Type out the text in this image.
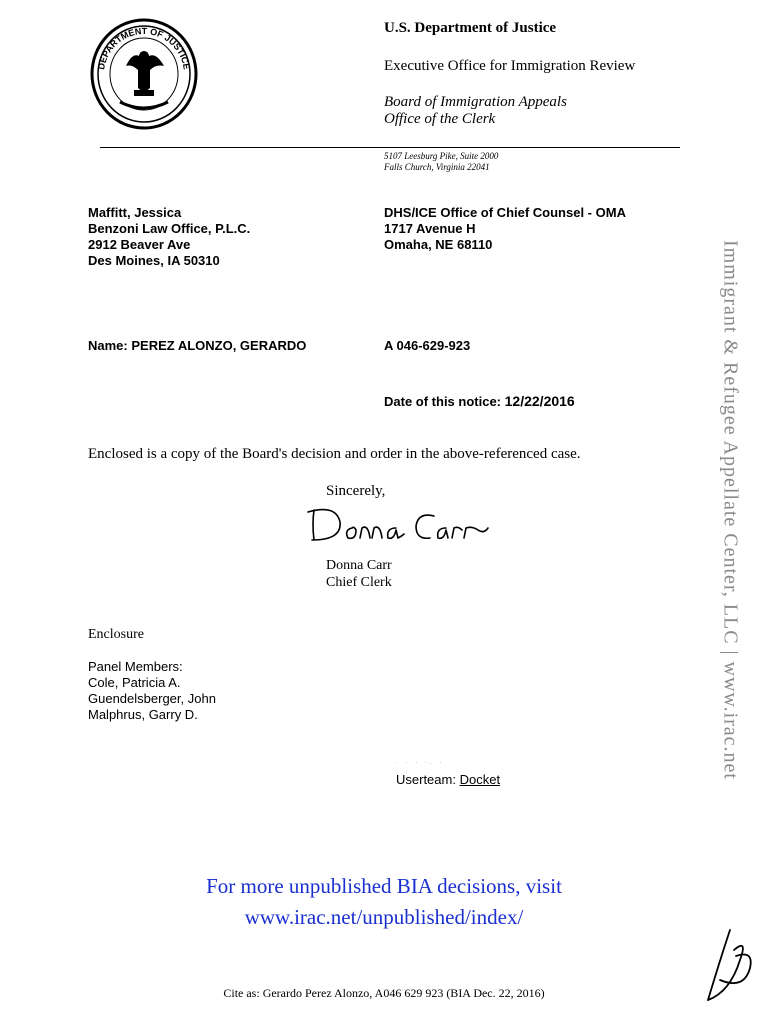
DEPARTMENT OF JUSTICE
U.S. Department of Justice
Executive Office for Immigration Review
Board of Immigration Appeals
Office of the Clerk
5107 Leesburg Pike, Suite 2000
Falls Church, Virginia 22041
Maffitt, Jessica
Benzoni Law Office, P.L.C.
2912 Beaver Ave
Des Moines, IA 50310
DHS/ICE Office of Chief Counsel - OMA
1717 Avenue H
Omaha, NE 68110
Name: PEREZ ALONZO, GERARDO	A 046-629-923
Date of this notice: 12/22/2016
Enclosed is a copy of the Board's decision and order in the above-referenced case.
Sincerely,
Donna Carr
Chief Clerk
Enclosure
Panel Members:
Cole, Patricia A.
Guendelsberger, John
Malphrus, Garry D.
· · · ·. ·
Userteam: Docket
For more unpublished BIA decisions, visit
www.irac.net/unpublished/index/
Immigrant & Refugee Appellate Center, LLC | www.irac.net
Cite as: Gerardo Perez Alonzo, A046 629 923 (BIA Dec. 22, 2016)
